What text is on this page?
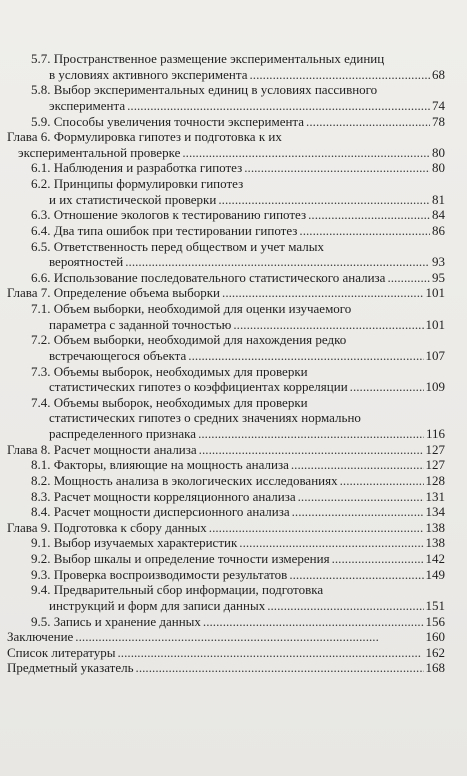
5.7. Пространственное размещение экспериментальных единиц
в условиях активного эксперимента . . .	68
5.8. Выбор экспериментальных единиц в условиях пассивного
эксперимента . . .	74
5.9. Способы увеличения точности эксперимента . . .	78
Глава 6. Формулировка гипотез и подготовка к их
экспериментальной проверке . . .	80
6.1. Наблюдения и разработка гипотез . . .	80
6.2. Принципы формулировки гипотез
и их статистической проверки . . .	81
6.3. Отношение экологов к тестированию гипотез . . .	84
6.4. Два типа ошибок при тестировании гипотез . . .	86
6.5. Ответственность перед обществом и учет малых
вероятностей . . .	93
6.6. Использование последовательного статистического анализа . . .	95
Глава 7. Определение объема выборки . . .	101
7.1. Объем выборки, необходимой для оценки изучаемого
параметра с заданной точностью . . .	101
7.2. Объем выборки, необходимой для нахождения редко
встречающегося объекта . . .	107
7.3. Объемы выборок, необходимых для проверки
статистических гипотез о коэффициентах корреляции . . .	109
7.4. Объемы выборок, необходимых для проверки
статистических гипотез о средних значениях нормально
распределенного признака . . .	116
Глава 8. Расчет мощности анализа . . .	127
8.1. Факторы, влияющие на мощность анализа . . .	127
8.2. Мощность анализа в экологических исследованиях . . .	128
8.3. Расчет мощности корреляционного анализа . . .	131
8.4. Расчет мощности дисперсионного анализа . . .	134
Глава 9. Подготовка к сбору данных . . .	138
9.1. Выбор изучаемых характеристик . . .	138
9.2. Выбор шкалы и определение точности измерения . . .	142
9.3. Проверка воспроизводимости результатов . . .	149
9.4. Предварительный сбор информации, подготовка
инструкций и форм для записи данных . . .	151
9.5. Запись и хранение данных . . .	156
Заключение . . .	160
Список литературы . . .	162
Предметный указатель . . .	168
